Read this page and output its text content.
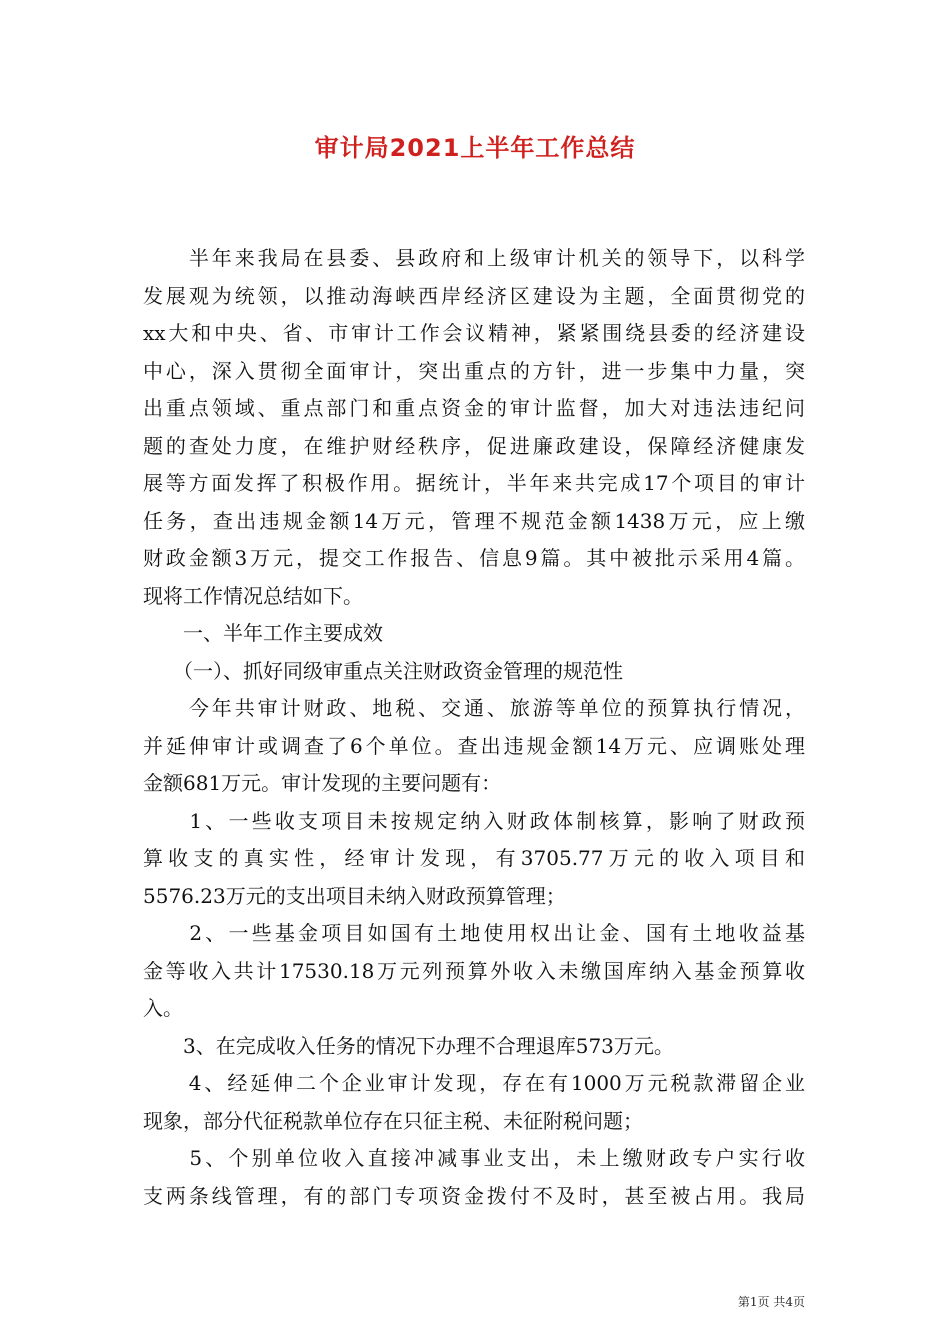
审计局2021上半年工作总结
　　半年来我局在县委、县政府和上级审计机关的领导下，以科学
发展观为统领，以推动海峡西岸经济区建设为主题，全面贯彻党的
xx大和中央、省、市审计工作会议精神，紧紧围绕县委的经济建设
中心，深入贯彻全面审计，突出重点的方针，进一步集中力量，突
出重点领域、重点部门和重点资金的审计监督，加大对违法违纪问
题的查处力度，在维护财经秩序，促进廉政建设，保障经济健康发
展等方面发挥了积极作用。据统计，半年来共完成17个项目的审计
任务，查出违规金额14万元，管理不规范金额1438万元，应上缴
财政金额3万元，提交工作报告、信息9篇。其中被批示采用4篇。
现将工作情况总结如下。
　　一、半年工作主要成效
　　（一）、抓好同级审重点关注财政资金管理的规范性
　　今年共审计财政、地税、交通、旅游等单位的预算执行情况，
并延伸审计或调查了6个单位。查出违规金额14万元、应调账处理
金额681万元。审计发现的主要问题有：
　　1、一些收支项目未按规定纳入财政体制核算，影响了财政预
算收支的真实性，经审计发现，有3705.77万元的收入项目和
5576.23万元的支出项目未纳入财政预算管理；
　　2、一些基金项目如国有土地使用权出让金、国有土地收益基
金等收入共计17530.18万元列预算外收入未缴国库纳入基金预算收
入。
　　3、在完成收入任务的情况下办理不合理退库573万元。
　　4、经延伸二个企业审计发现，存在有1000万元税款滞留企业
现象，部分代征税款单位存在只征主税、未征附税问题；
　　5、个别单位收入直接冲减事业支出，未上缴财政专户实行收
支两条线管理，有的部门专项资金拨付不及时，甚至被占用。我局
第1页 共4页
